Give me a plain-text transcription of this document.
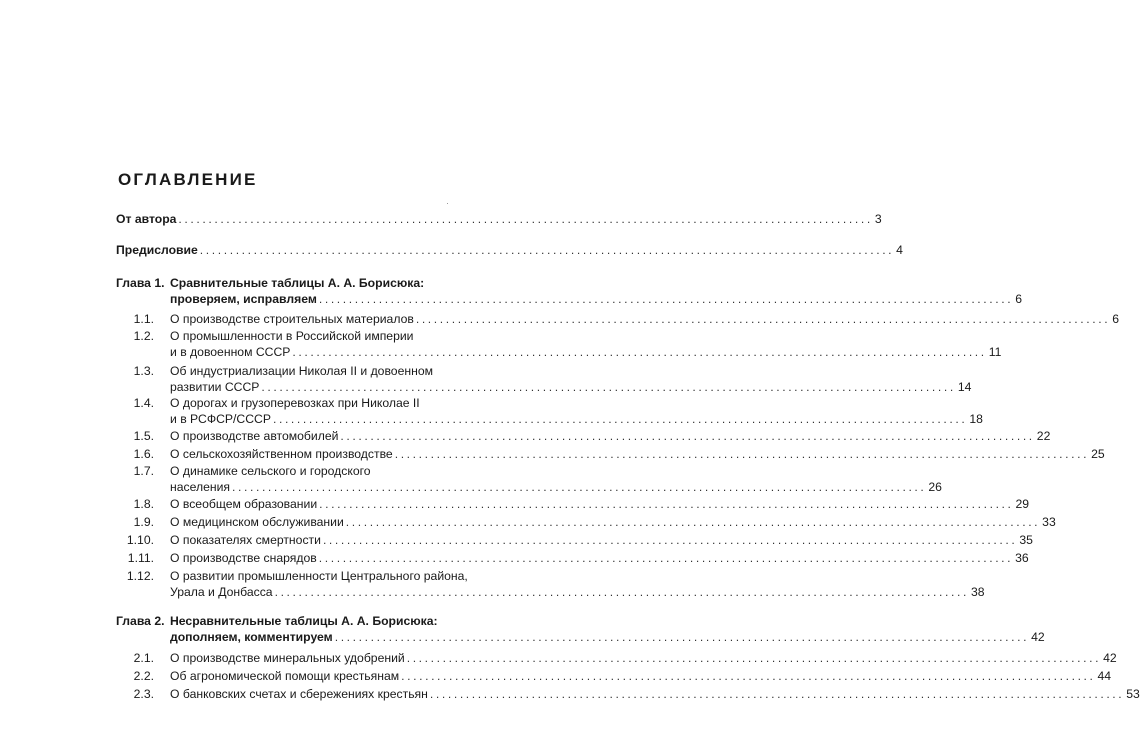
ОГЛАВЛЕНИЕ
От автора .................................................................................................................... 3
Предисловие .................................................................................................................... 4
Глава 1. Сравнительные таблицы А. А. Борисюка:
проверяем, исправляем .................................................................................................................... 6
1.1. О производстве строительных материалов .................................................................................................................... 6
1.2. О промышленности в Российской империи
и в довоенном СССР .................................................................................................................... 11
1.3. Об индустриализации Николая II и довоенном
развитии СССР .................................................................................................................... 14
1.4. О дорогах и грузоперевозках при Николае II
и в РСФСР/СССР .................................................................................................................... 18
1.5. О производстве автомобилей .................................................................................................................... 22
1.6. О сельскохозяйственном производстве .................................................................................................................... 25
1.7. О динамике сельского и городского
населения .................................................................................................................... 26
1.8. О всеобщем образовании .................................................................................................................... 29
1.9. О медицинском обслуживании .................................................................................................................... 33
1.10. О показателях смертности .................................................................................................................... 35
1.11. О производстве снарядов .................................................................................................................... 36
1.12. О развитии промышленности Центрального района,
Урала и Донбасса .................................................................................................................... 38
Глава 2. Несравнительные таблицы А. А. Борисюка:
дополняем, комментируем .................................................................................................................... 42
2.1. О производстве минеральных удобрений .................................................................................................................... 42
2.2. Об агрономической помощи крестьянам .................................................................................................................... 44
2.3. О банковских счетах и сбережениях крестьян .................................................................................................................... 53
